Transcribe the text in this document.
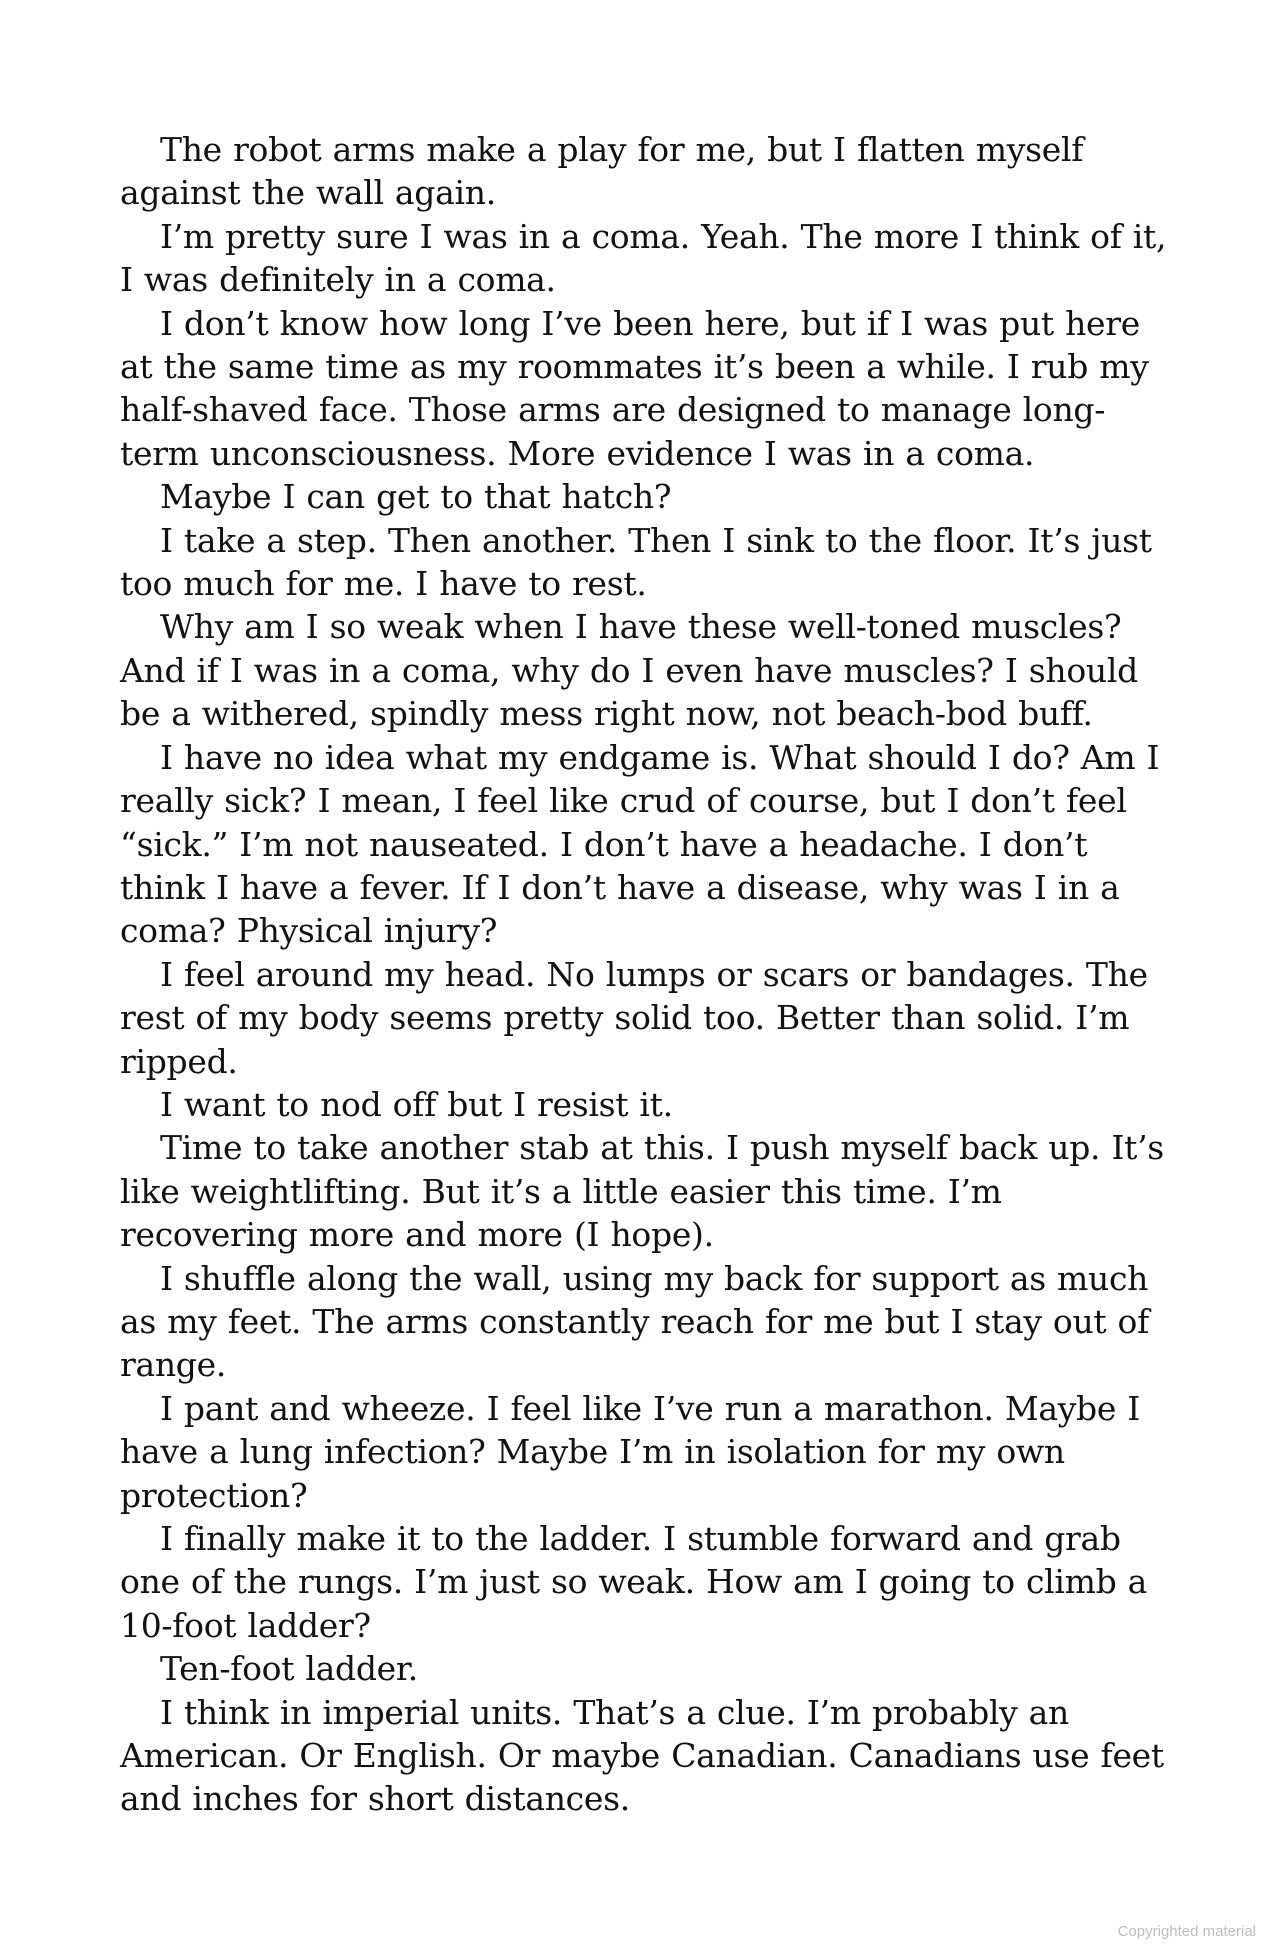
The robot arms make a play for me, but I flatten myself against the wall again.

I’m pretty sure I was in a coma. Yeah. The more I think of it, I was definitely in a coma.

I don’t know how long I’ve been here, but if I was put here at the same time as my roommates it’s been a while. I rub my half-shaved face. Those arms are designed to manage long-term unconsciousness. More evidence I was in a coma.

Maybe I can get to that hatch?

I take a step. Then another. Then I sink to the floor. It’s just too much for me. I have to rest.

Why am I so weak when I have these well-toned muscles? And if I was in a coma, why do I even have muscles? I should be a withered, spindly mess right now, not beach-bod buff.

I have no idea what my endgame is. What should I do? Am I really sick? I mean, I feel like crud of course, but I don’t feel “sick.” I’m not nauseated. I don’t have a headache. I don’t think I have a fever. If I don’t have a disease, why was I in a coma? Physical injury?

I feel around my head. No lumps or scars or bandages. The rest of my body seems pretty solid too. Better than solid. I’m ripped.

I want to nod off but I resist it.

Time to take another stab at this. I push myself back up. It’s like weightlifting. But it’s a little easier this time. I’m recovering more and more (I hope).

I shuffle along the wall, using my back for support as much as my feet. The arms constantly reach for me but I stay out of range.

I pant and wheeze. I feel like I’ve run a marathon. Maybe I have a lung infection? Maybe I’m in isolation for my own protection?

I finally make it to the ladder. I stumble forward and grab one of the rungs. I’m just so weak. How am I going to climb a 10-foot ladder?

Ten-foot ladder.

I think in imperial units. That’s a clue. I’m probably an American. Or English. Or maybe Canadian. Canadians use feet and inches for short distances.

Copyrighted material
